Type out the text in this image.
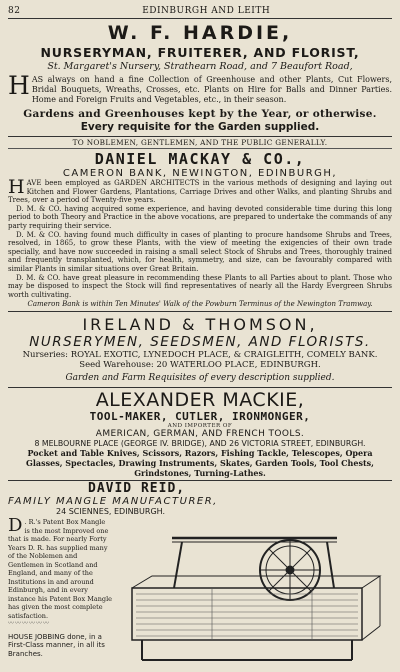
82	EDINBURGH AND LEITH
W. F. HARDIE,
NURSERYMAN, FRUITERER, AND FLORIST,
St. Margaret's Nursery, Strathearn Road, and 7 Beaufort Road,
H AS always on hand a fine Collection of Greenhouse and other Plants, Cut Flowers, Bridal Bouquets, Wreaths, Crosses, etc. Plants on Hire for Balls and Dinner Parties. Home and Foreign Fruits and Vegetables, etc., in their season.
Gardens and Greenhouses kept by the Year, or otherwise.
Every requisite for the Garden supplied.
TO NOBLEMEN, GENTLEMEN, AND THE PUBLIC GENERALLY.
DANIEL MACKAY & CO.,
CAMERON BANK, NEWINGTON, EDINBURGH,

HAVE been employed as GARDEN ARCHITECTS in the various methods of designing and laying out Kitchen and Flower Gardens, Plantations, Carriage Drives and other Walks, and planting Shrubs and Trees, over a period of Twenty-five years.

D. M. & CO. having acquired some experience, and having devoted considerable time during this long period to both Theory and Practice in the above vocations, are prepared to undertake the commands of any party requiring their service.

D. M. & CO. having found much difficulty in cases of planting to procure handsome Shrubs and Trees, resolved, in 1865, to grow these Plants, with the view of meeting the exigencies of their own trade specially, and have now succeeded in raising a small select Stock of Shrubs and Trees, thoroughly trained and frequently transplanted, which, for health, symmetry, and size, can be favourably compared with similar Plants in similar situations over Great Britain.

D. M. & CO. have great pleasure in recommending these Plants to all Parties about to plant. Those who may be disposed to inspect the Stock will find representatives of nearly all the Hardy Evergreen Shrubs worth cultivating.

Cameron Bank is within Ten Minutes' Walk of the Powburn Terminus of the Newington Tramway.
IRELAND & THOMSON,
NURSERYMEN, SEEDSMEN, AND FLORISTS.
Nurseries: ROYAL EXOTIC, LYNEDOCH PLACE, & CRAIGLEITH, COMELY BANK.
Seed Warehouse: 20 WATERLOO PLACE, EDINBURGH.
Garden and Farm Requisites of every description supplied.
ALEXANDER MACKIE,
TOOL-MAKER, CUTLER, IRONMONGER,
AND IMPORTER OF
AMERICAN, GERMAN, AND FRENCH TOOLS.
8 MELBOURNE PLACE (GEORGE IV. BRIDGE), AND 26 VICTORIA STREET, EDINBURGH.
Pocket and Table Knives, Scissors, Razors, Fishing Tackle, Telescopes, Opera Glasses, Spectacles, Drawing Instruments, Skates, Garden Tools, Tool Chests, Grindstones, Turning-Lathes.
DAVID REID,
FAMILY MANGLE MANUFACTURER,
24 SCIENNES, EDINBURGH.
D . R.'s Patent Box Mangle is the most Improved one that is made. For nearly Forty Years D. R. has supplied many of the Noblemen and Gentlemen in Scotland and England, and many of the Institutions in and around Edinburgh, and in every instance his Patent Box Mangle has given the most complete satisfaction.
〰〰〰〰〰〰
HOUSE JOBBING done, in a First-Class manner, in all its Branches.
